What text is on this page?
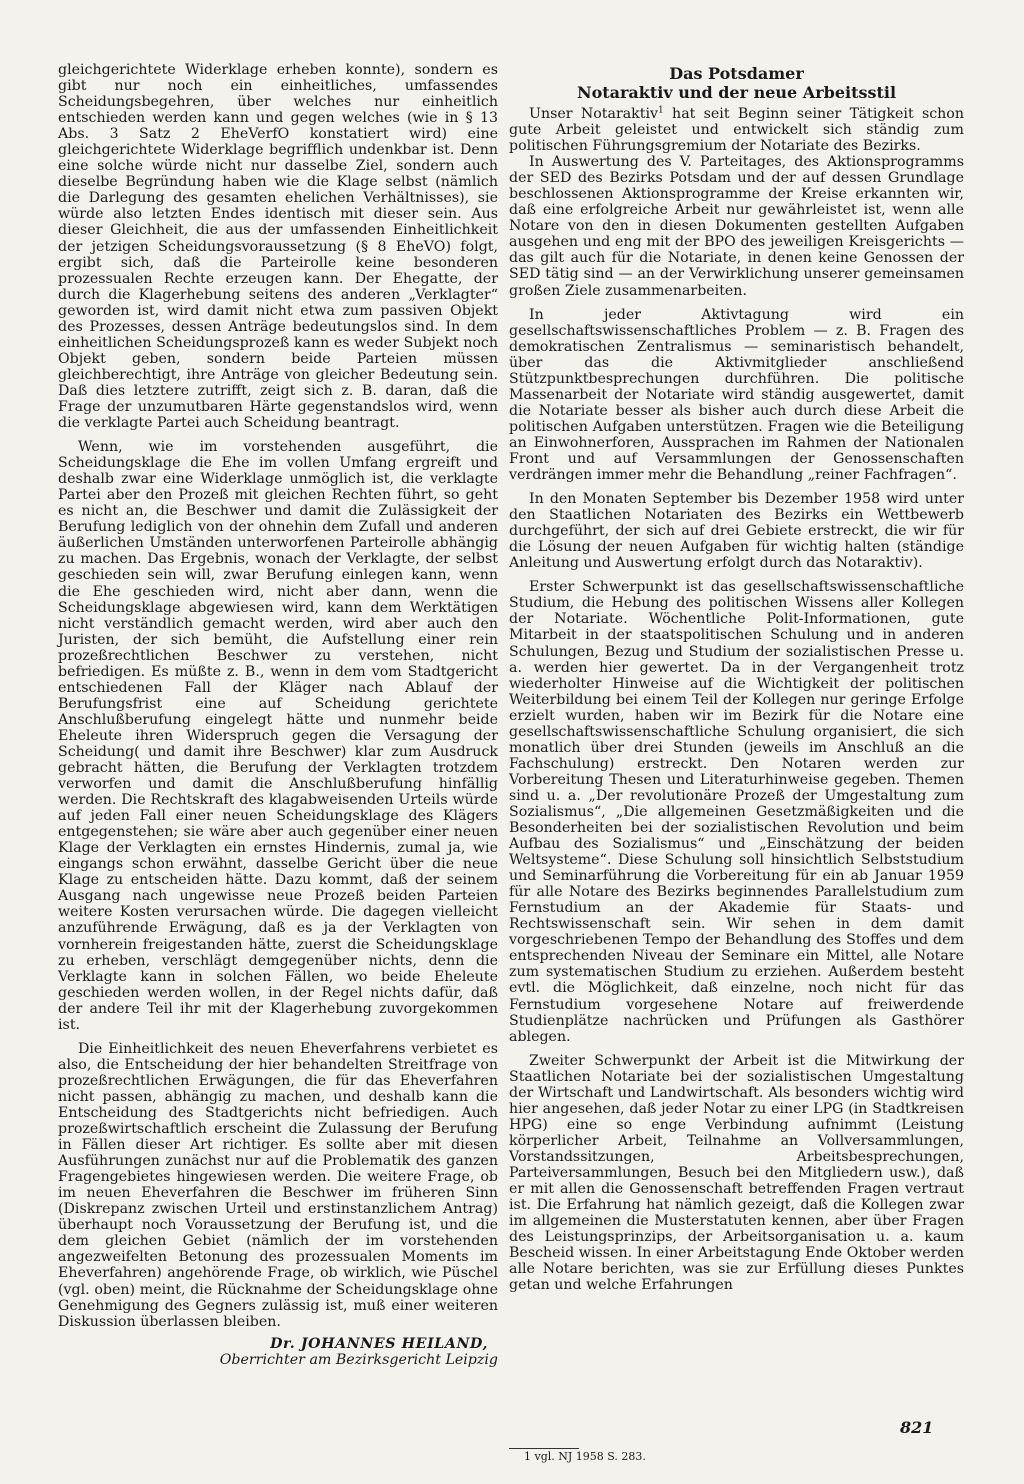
gleichgerichtete Widerklage erheben konnte), sondern es gibt nur noch ein einheitliches, umfassendes Scheidungsbegehren, über welches nur einheitlich entschieden werden kann und gegen welches (wie in § 13 Abs. 3 Satz 2 EheVerfO konstatiert wird) eine gleichgerichtete Widerklage begrifflich undenkbar ist. Denn eine solche würde nicht nur dasselbe Ziel, sondern auch dieselbe Begründung haben wie die Klage selbst (nämlich die Darlegung des gesamten ehelichen Verhältnisses), sie würde also letzten Endes identisch mit dieser sein. Aus dieser Gleichheit, die aus der umfassenden Einheitlichkeit der jetzigen Scheidungsvoraussetzung (§ 8 EheVO) folgt, ergibt sich, daß die Parteirolle keine besonderen prozessualen Rechte erzeugen kann. Der Ehegatte, der durch die Klagerhebung seitens des anderen „Verklagter“ geworden ist, wird damit nicht etwa zum passiven Objekt des Prozesses, dessen Anträge bedeutungslos sind. In dem einheitlichen Scheidungsprozeß kann es weder Subjekt noch Objekt geben, sondern beide Parteien müssen gleichberechtigt, ihre Anträge von gleicher Bedeutung sein. Daß dies letztere zutrifft, zeigt sich z. B. daran, daß die Frage der unzumutbaren Härte gegenstandslos wird, wenn die verklagte Partei auch Scheidung beantragt.

Wenn, wie im vorstehenden ausgeführt, die Scheidungsklage die Ehe im vollen Umfang ergreift und deshalb zwar eine Widerklage unmöglich ist, die verklagte Partei aber den Prozeß mit gleichen Rechten führt, so geht es nicht an, die Beschwer und damit die Zulässigkeit der Berufung lediglich von der ohnehin dem Zufall und anderen äußerlichen Umständen unterworfenen Parteirolle abhängig zu machen. Das Ergebnis, wonach der Verklagte, der selbst geschieden sein will, zwar Berufung einlegen kann, wenn die Ehe geschieden wird, nicht aber dann, wenn die Scheidungsklage abgewiesen wird, kann dem Werktätigen nicht verständlich gemacht werden, wird aber auch den Juristen, der sich bemüht, die Aufstellung einer rein prozeßrechtlichen Beschwer zu verstehen, nicht befriedigen. Es müßte z. B., wenn in dem vom Stadtgericht entschiedenen Fall der Kläger nach Ablauf der Berufungsfrist eine auf Scheidung gerichtete Anschlußberufung eingelegt hätte und nunmehr beide Eheleute ihren Widerspruch gegen die Versagung der Scheidung( und damit ihre Beschwer) klar zum Ausdruck gebracht hätten, die Berufung der Verklagten trotzdem verworfen und damit die Anschlußberufung hinfällig werden. Die Rechtskraft des klagabweisenden Urteils würde auf jeden Fall einer neuen Scheidungsklage des Klägers entgegenstehen; sie wäre aber auch gegenüber einer neuen Klage der Verklagten ein ernstes Hindernis, zumal ja, wie eingangs schon erwähnt, dasselbe Gericht über die neue Klage zu entscheiden hätte. Dazu kommt, daß der seinem Ausgang nach ungewisse neue Prozeß beiden Parteien weitere Kosten verursachen würde. Die dagegen vielleicht anzuführende Erwägung, daß es ja der Verklagten von vornherein freigestanden hätte, zuerst die Scheidungsklage zu erheben, verschlägt demgegenüber nichts, denn die Verklagte kann in solchen Fällen, wo beide Eheleute geschieden werden wollen, in der Regel nichts dafür, daß der andere Teil ihr mit der Klagerhebung zuvorgekommen ist.

Die Einheitlichkeit des neuen Eheverfahrens verbietet es also, die Entscheidung der hier behandelten Streitfrage von prozeßrechtlichen Erwägungen, die für das Eheverfahren nicht passen, abhängig zu machen, und deshalb kann die Entscheidung des Stadtgerichts nicht befriedigen. Auch prozeßwirtschaftlich erscheint die Zulassung der Berufung in Fällen dieser Art richtiger. Es sollte aber mit diesen Ausführungen zunächst nur auf die Problematik des ganzen Fragengebietes hingewiesen werden. Die weitere Frage, ob im neuen Eheverfahren die Beschwer im früheren Sinn (Diskrepanz zwischen Urteil und erstinstanzlichem Antrag) überhaupt noch Voraussetzung der Berufung ist, und die dem gleichen Gebiet (nämlich der im vorstehenden angezweifelten Betonung des prozessualen Moments im Eheverfahren) angehörende Frage, ob wirklich, wie Püschel (vgl. oben) meint, die Rücknahme der Scheidungsklage ohne Genehmigung des Gegners zulässig ist, muß einer weiteren Diskussion überlassen bleiben.

Dr. JOHANNES HEILAND,
Oberrichter am Bezirksgericht Leipzig
Das Potsdamer
Notaraktiv und der neue Arbeitsstil

Unser Notaraktiv$^1$ hat seit Beginn seiner Tätigkeit schon gute Arbeit geleistet und entwickelt sich ständig zum politischen Führungsgremium der Notariate des Bezirks.

In Auswertung des V. Parteitages, des Aktionsprogramms der SED des Bezirks Potsdam und der auf dessen Grundlage beschlossenen Aktionsprogramme der Kreise erkannten wir, daß eine erfolgreiche Arbeit nur gewährleistet ist, wenn alle Notare von den in diesen Dokumenten gestellten Aufgaben ausgehen und eng mit der BPO des jeweiligen Kreisgerichts — das gilt auch für die Notariate, in denen keine Genossen der SED tätig sind — an der Verwirklichung unserer gemeinsamen großen Ziele zusammenarbeiten.

In jeder Aktivtagung wird ein gesellschaftswissenschaftliches Problem — z. B. Fragen des demokratischen Zentralismus — seminaristisch behandelt, über das die Aktivmitglieder anschließend Stützpunktbesprechungen durchführen. Die politische Massenarbeit der Notariate wird ständig ausgewertet, damit die Notariate besser als bisher auch durch diese Arbeit die politischen Aufgaben unterstützen. Fragen wie die Beteiligung an Einwohnerforen, Aussprachen im Rahmen der Nationalen Front und auf Versammlungen der Genossenschaften verdrängen immer mehr die Behandlung „reiner Fachfragen“.

In den Monaten September bis Dezember 1958 wird unter den Staatlichen Notariaten des Bezirks ein Wettbewerb durchgeführt, der sich auf drei Gebiete erstreckt, die wir für die Lösung der neuen Aufgaben für wichtig halten (ständige Anleitung und Auswertung erfolgt durch das Notaraktiv).

Erster Schwerpunkt ist das gesellschaftswissenschaftliche Studium, die Hebung des politischen Wissens aller Kollegen der Notariate. Wöchentliche Polit-Informationen, gute Mitarbeit in der staatspolitischen Schulung und in anderen Schulungen, Bezug und Studium der sozialistischen Presse u. a. werden hier gewertet. Da in der Vergangenheit trotz wiederholter Hinweise auf die Wichtigkeit der politischen Weiterbildung bei einem Teil der Kollegen nur geringe Erfolge erzielt wurden, haben wir im Bezirk für die Notare eine gesellschaftswissenschaftliche Schulung organisiert, die sich monatlich über drei Stunden (jeweils im Anschluß an die Fachschulung) erstreckt. Den Notaren werden zur Vorbereitung Thesen und Literaturhinweise gegeben. Themen sind u. a. „Der revolutionäre Prozeß der Umgestaltung zum Sozialismus“, „Die allgemeinen Gesetzmäßigkeiten und die Besonderheiten bei der sozialistischen Revolution und beim Aufbau des Sozialismus“ und „Einschätzung der beiden Weltsysteme“. Diese Schulung soll hinsichtlich Selbststudium und Seminarführung die Vorbereitung für ein ab Januar 1959 für alle Notare des Bezirks beginnendes Parallelstudium zum Fernstudium an der Akademie für Staats- und Rechtswissenschaft sein. Wir sehen in dem damit vorgeschriebenen Tempo der Behandlung des Stoffes und dem entsprechenden Niveau der Seminare ein Mittel, alle Notare zum systematischen Studium zu erziehen. Außerdem besteht evtl. die Möglichkeit, daß einzelne, noch nicht für das Fernstudium vorgesehene Notare auf freiwerdende Studienplätze nachrücken und Prüfungen als Gasthörer ablegen.

Zweiter Schwerpunkt der Arbeit ist die Mitwirkung der Staatlichen Notariate bei der sozialistischen Umgestaltung der Wirtschaft und Landwirtschaft. Als besonders wichtig wird hier angesehen, daß jeder Notar zu einer LPG (in Stadtkreisen HPG) eine so enge Verbindung aufnimmt (Leistung körperlicher Arbeit, Teilnahme an Vollversammlungen, Vorstandssitzungen, Arbeitsbesprechungen, Parteiversammlungen, Besuch bei den Mitgliedern usw.), daß er mit allen die Genossenschaft betreffenden Fragen vertraut ist. Die Erfahrung hat nämlich gezeigt, daß die Kollegen zwar im allgemeinen die Musterstatuten kennen, aber über Fragen des Leistungsprinzips, der Arbeitsorganisation u. a. kaum Bescheid wissen. In einer Arbeitstagung Ende Oktober werden alle Notare berichten, was sie zur Erfüllung dieses Punktes getan und welche Erfahrungen

1 vgl. NJ 1958 S. 283.
821
